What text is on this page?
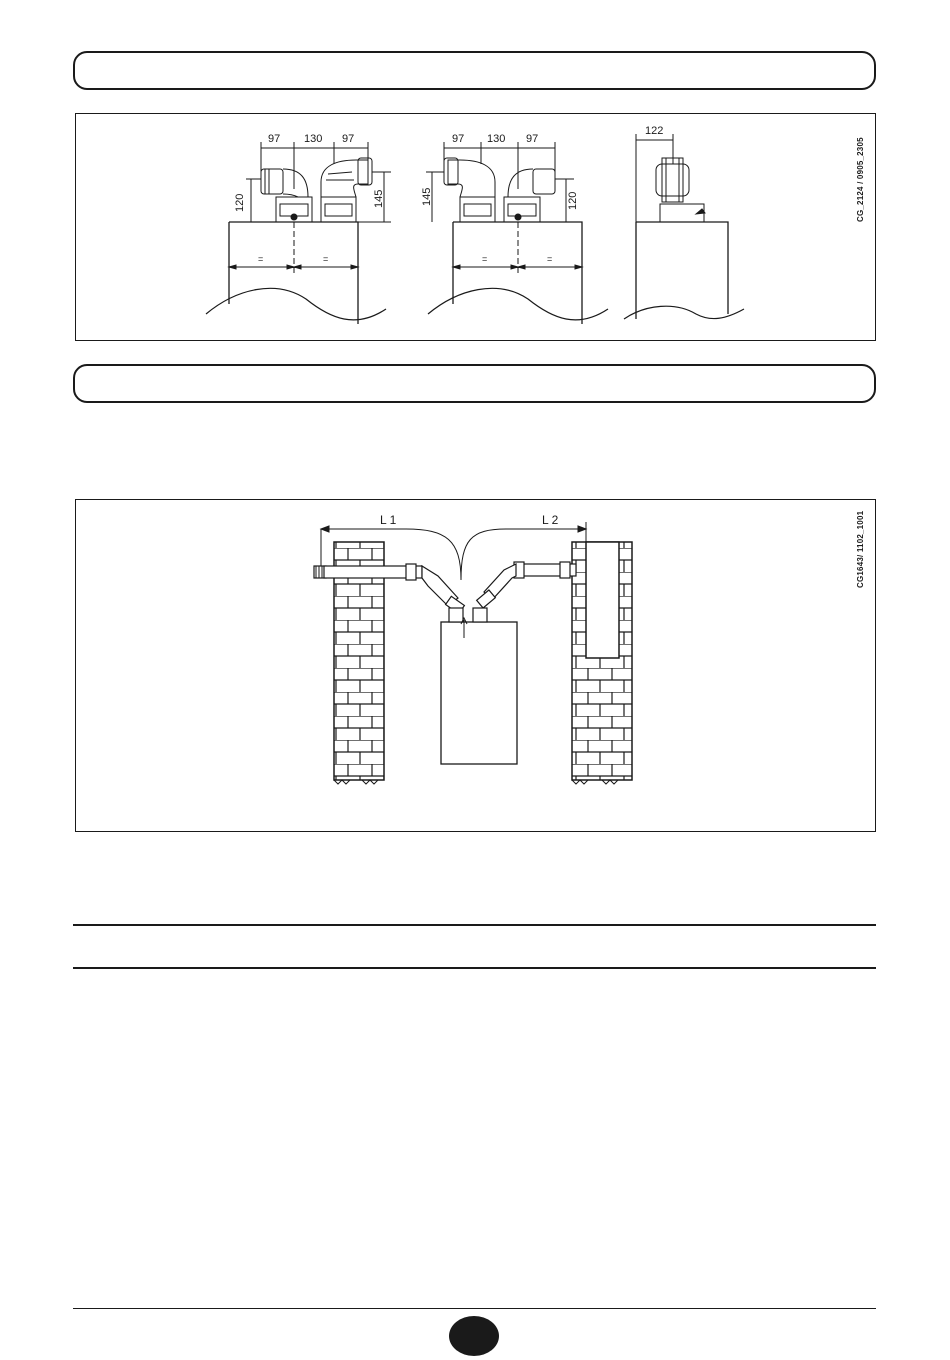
97 130 97	97 130 97
122
120	145	145	120
=	=	=	=
CG_2124 / 0905_2305
L 1	L 2	CG1643/ 1102_1001
